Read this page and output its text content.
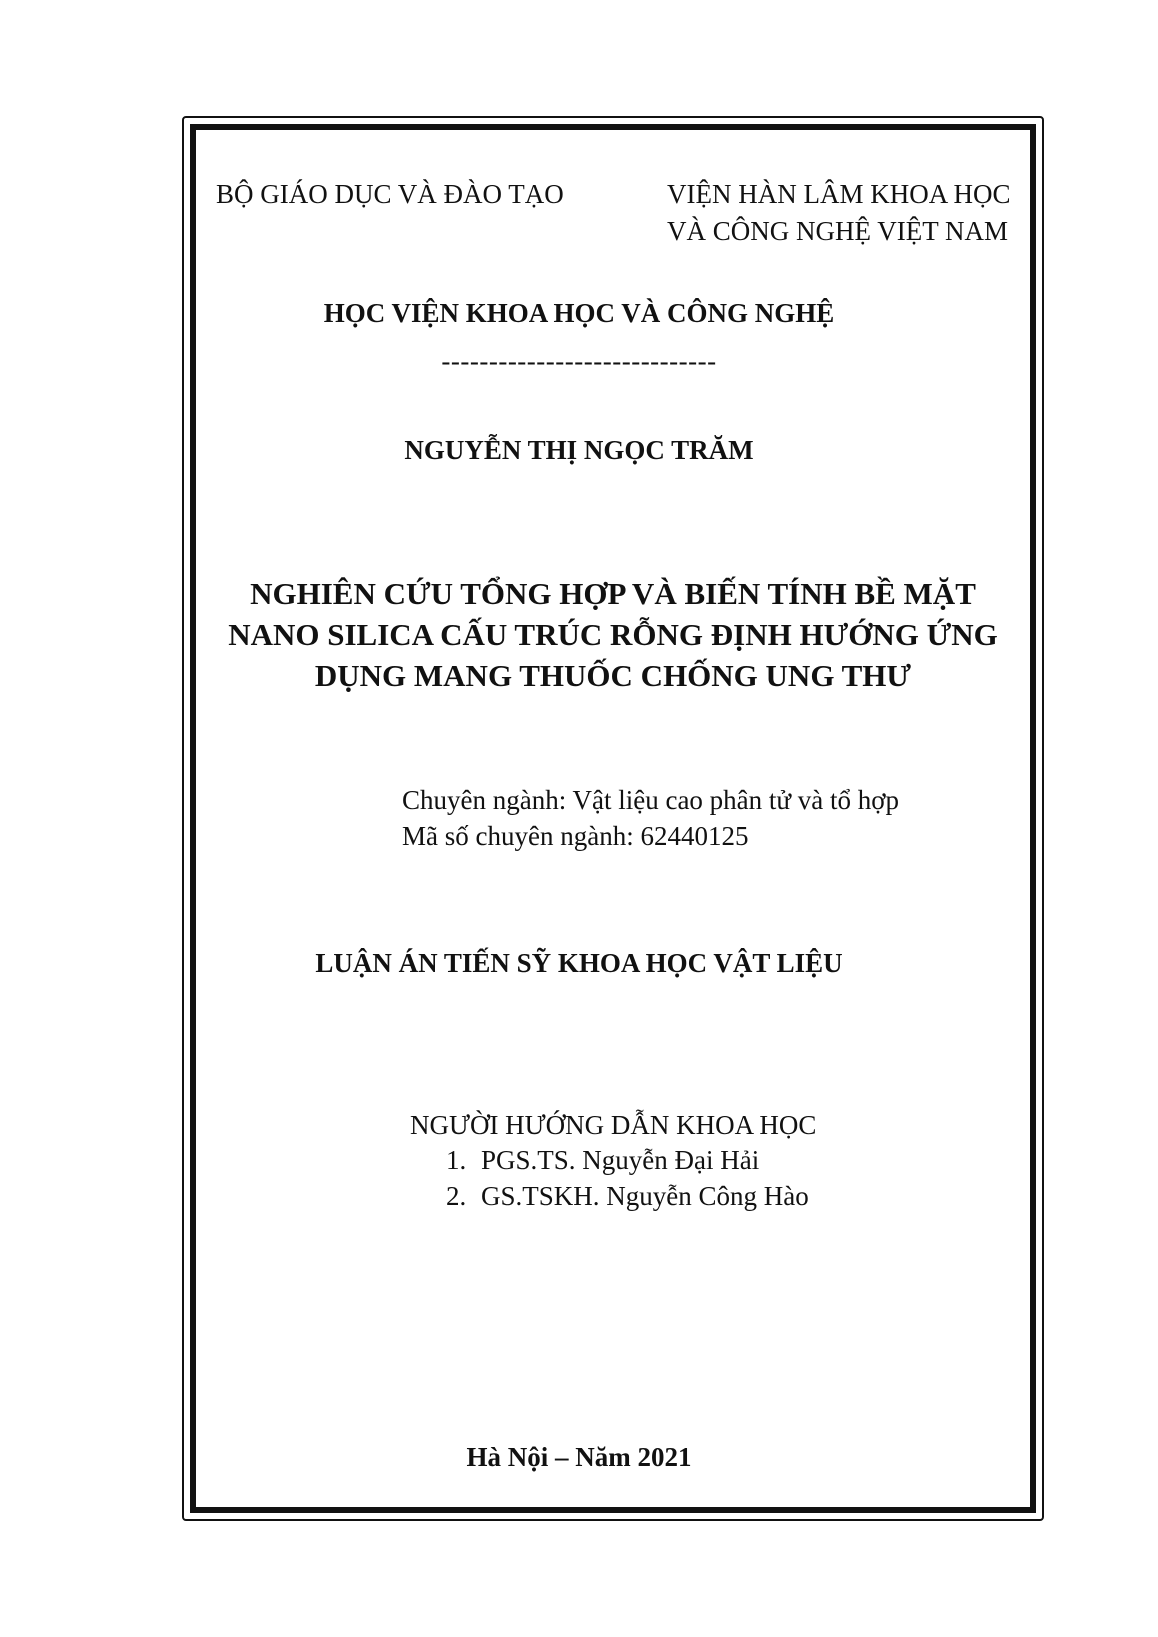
BỘ GIÁO DỤC VÀ ĐÀO TẠO	VIỆN HÀN LÂM KHOA HỌC
VÀ CÔNG NGHỆ VIỆT NAM
HỌC VIỆN KHOA HỌC VÀ CÔNG NGHỆ
-----------------------------
NGUYỄN THỊ NGỌC TRĂM
NGHIÊN CỨU TỔNG HỢP VÀ BIẾN TÍNH BỀ MẶT
NANO SILICA CẤU TRÚC RỖNG ĐỊNH HƯỚNG ỨNG
DỤNG MANG THUỐC CHỐNG UNG THƯ
Chuyên ngành: Vật liệu cao phân tử và tổ hợp
Mã số chuyên ngành: 62440125
LUẬN ÁN TIẾN SỸ KHOA HỌC VẬT LIỆU
NGƯỜI HƯỚNG DẪN KHOA HỌC
1. PGS.TS. Nguyễn Đại Hải
2. GS.TSKH. Nguyễn Công Hào
Hà Nội – Năm 2021
